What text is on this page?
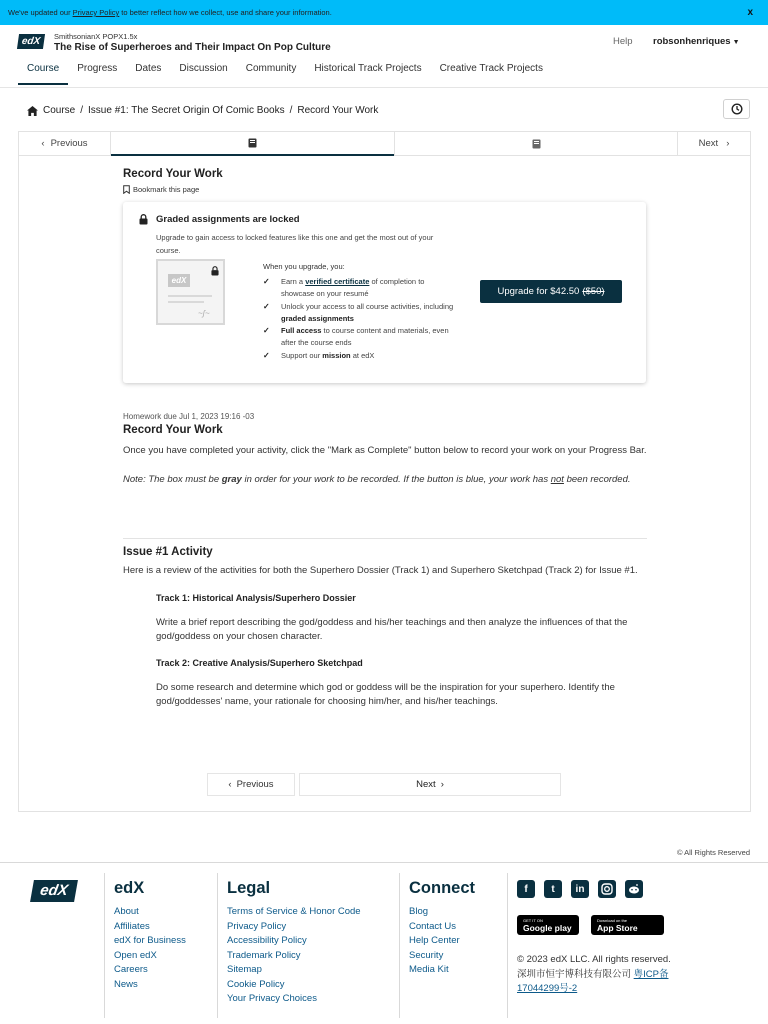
We've updated our Privacy Policy to better reflect how we collect, use and share your information.	x
edX	SmithsonianX POPX1.5x
The Rise of Superheroes and Their Impact On Pop Culture
Help robsonhenriques ▼
Course	Progress	Dates	Discussion	Community	Historical Track Projects	Creative Track Projects
Course / Issue #1: The Secret Origin Of Comic Books / Record Your Work
‹ Previous	Next ›
Record Your Work
Bookmark this page
Graded assignments are locked
Upgrade to gain access to locked features like this one and get the most out of your course.
edX
~ʃ~
When you upgrade, you:
✓	Earn a verified certificate of completion to showcase on your resumé
✓	Unlock your access to all course activities, including graded assignments
✓	Full access to course content and materials, even after the course ends
✓	Support our mission at edX
Upgrade for $42.50 ($50)
Homework due Jul 1, 2023 19:16 -03
Record Your Work
Once you have completed your activity, click the "Mark as Complete" button below to record your work on your Progress Bar.
Note: The box must be gray in order for your work to be recorded. If the button is blue, your work has not been recorded.
Issue #1 Activity
Here is a review of the activities for both the Superhero Dossier (Track 1) and Superhero Sketchpad (Track 2) for Issue #1.
Track 1: Historical Analysis/Superhero Dossier
Write a brief report describing the god/goddess and his/her teachings and then analyze the influences of that the god/goddess on your chosen character.
Track 2: Creative Analysis/Superhero Sketchpad
Do some research and determine which god or goddess will be the inspiration for your superhero. Identify the god/goddesses' name, your rationale for choosing him/her, and his/her teachings.
‹ Previous	Next ›
© All Rights Reserved
edX	edX
About
Affiliates
edX for Business
Open edX
Careers
News
Legal
Terms of Service & Honor Code
Privacy Policy
Accessibility Policy
Trademark Policy
Sitemap
Cookie Policy
Your Privacy Choices
Connect
Blog
Contact Us
Help Center
Security
Media Kit
f	t	in
GET IT ON
Google play
Download on the
App Store
© 2023 edX LLC. All rights reserved.
深圳市恒宇博科技有限公司 粤ICP备
17044299号-2
